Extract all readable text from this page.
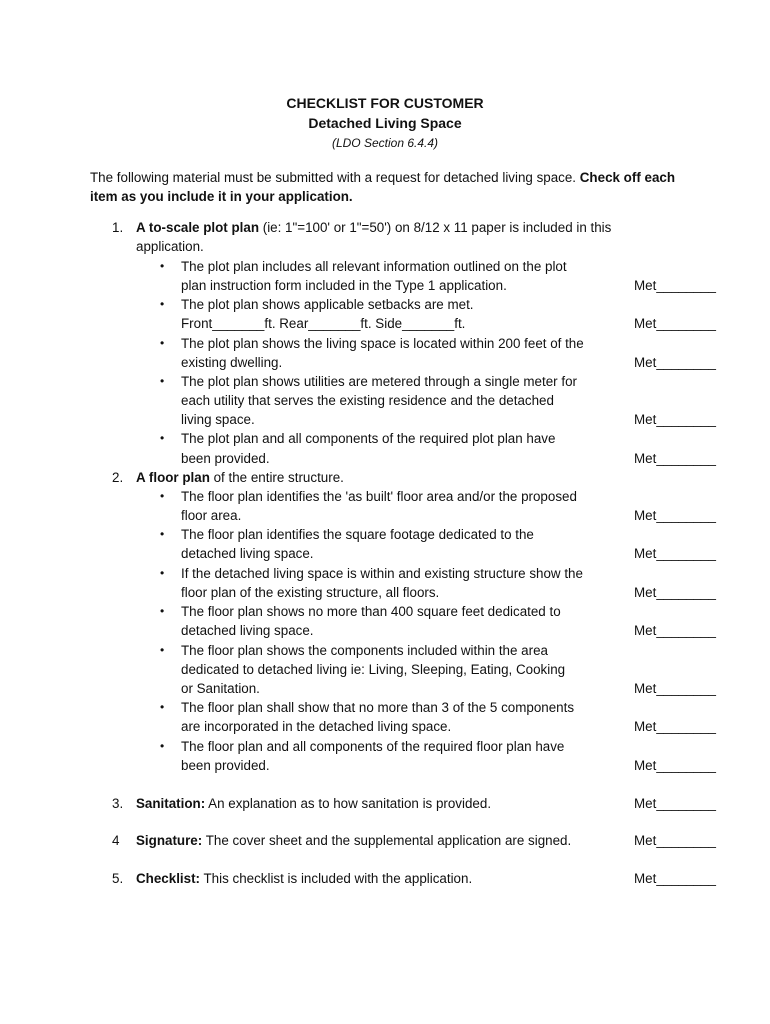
CHECKLIST FOR CUSTOMER
Detached Living Space
(LDO Section 6.4.4)
The following material must be submitted with a request for detached living space. Check off each item as you include it in your application.
1. A to-scale plot plan (ie: 1"=100' or 1"=50') on 8/12 x 11 paper is included in this
application.
• The plot plan includes all relevant information outlined on the plot
plan instruction form included in the Type 1 application.	Met________
• The plot plan shows applicable setbacks are met.
Front_______ft. Rear_______ft. Side_______ft.	Met________
• The plot plan shows the living space is located within 200 feet of the
existing dwelling.	Met________
• The plot plan shows utilities are metered through a single meter for
each utility that serves the existing residence and the detached
living space.	Met________
• The plot plan and all components of the required plot plan have
been provided.	Met________
2. A floor plan of the entire structure.
• The floor plan identifies the 'as built' floor area and/or the proposed
floor area.	Met________
• The floor plan identifies the square footage dedicated to the
detached living space.	Met________
• If the detached living space is within and existing structure show the
floor plan of the existing structure, all floors.	Met________
• The floor plan shows no more than 400 square feet dedicated to
detached living space.	Met________
• The floor plan shows the components included within the area
dedicated to detached living ie: Living, Sleeping, Eating, Cooking
or Sanitation.	Met________
• The floor plan shall show that no more than 3 of the 5 components
are incorporated in the detached living space.	Met________
• The floor plan and all components of the required floor plan have
been provided.	Met________
3. Sanitation: An explanation as to how sanitation is provided.	Met________
4 Signature: The cover sheet and the supplemental application are signed.	Met________
5. Checklist: This checklist is included with the application.	Met________
